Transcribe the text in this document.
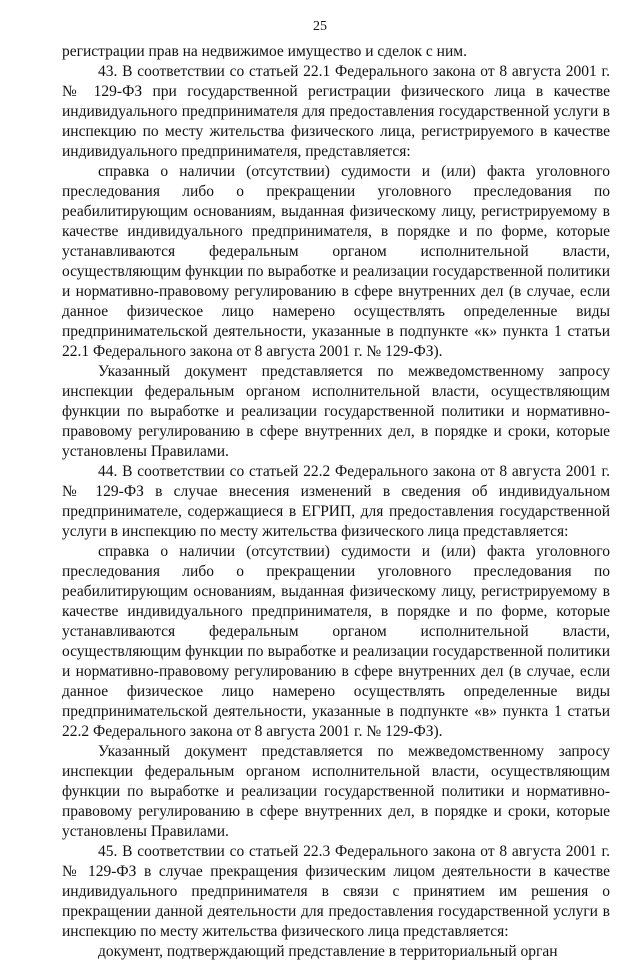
25

регистрации прав на недвижимое имущество и сделок с ним.

43. В соответствии со статьей 22.1 Федерального закона от 8 августа 2001 г. № 129-ФЗ при государственной регистрации физического лица в качестве индивидуального предпринимателя для предоставления государственной услуги в инспекцию по месту жительства физического лица, регистрируемого в качестве индивидуального предпринимателя, представляется:

справка о наличии (отсутствии) судимости и (или) факта уголовного преследования либо о прекращении уголовного преследования по реабилитирующим основаниям, выданная физическому лицу, регистрируемому в качестве индивидуального предпринимателя, в порядке и по форме, которые устанавливаются федеральным органом исполнительной власти, осуществляющим функции по выработке и реализации государственной политики и нормативно-правовому регулированию в сфере внутренних дел (в случае, если данное физическое лицо намерено осуществлять определенные виды предпринимательской деятельности, указанные в подпункте «к» пункта 1 статьи 22.1 Федерального закона от 8 августа 2001 г. № 129-ФЗ).

Указанный документ представляется по межведомственному запросу инспекции федеральным органом исполнительной власти, осуществляющим функции по выработке и реализации государственной политики и нормативно-правовому регулированию в сфере внутренних дел, в порядке и сроки, которые установлены Правилами.

44. В соответствии со статьей 22.2 Федерального закона от 8 августа 2001 г. № 129-ФЗ в случае внесения изменений в сведения об индивидуальном предпринимателе, содержащиеся в ЕГРИП, для предоставления государственной услуги в инспекцию по месту жительства физического лица представляется:

справка о наличии (отсутствии) судимости и (или) факта уголовного преследования либо о прекращении уголовного преследования по реабилитирующим основаниям, выданная физическому лицу, регистрируемому в качестве индивидуального предпринимателя, в порядке и по форме, которые устанавливаются федеральным органом исполнительной власти, осуществляющим функции по выработке и реализации государственной политики и нормативно-правовому регулированию в сфере внутренних дел (в случае, если данное физическое лицо намерено осуществлять определенные виды предпринимательской деятельности, указанные в подпункте «в» пункта 1 статьи 22.2 Федерального закона от 8 августа 2001 г. № 129-ФЗ).

Указанный документ представляется по межведомственному запросу инспекции федеральным органом исполнительной власти, осуществляющим функции по выработке и реализации государственной политики и нормативно-правовому регулированию в сфере внутренних дел, в порядке и сроки, которые установлены Правилами.

45. В соответствии со статьей 22.3 Федерального закона от 8 августа 2001 г. № 129-ФЗ в случае прекращения физическим лицом деятельности в качестве индивидуального предпринимателя в связи с принятием им решения о прекращении данной деятельности для предоставления государственной услуги в инспекцию по месту жительства физического лица представляется:

документ, подтверждающий представление в территориальный орган
